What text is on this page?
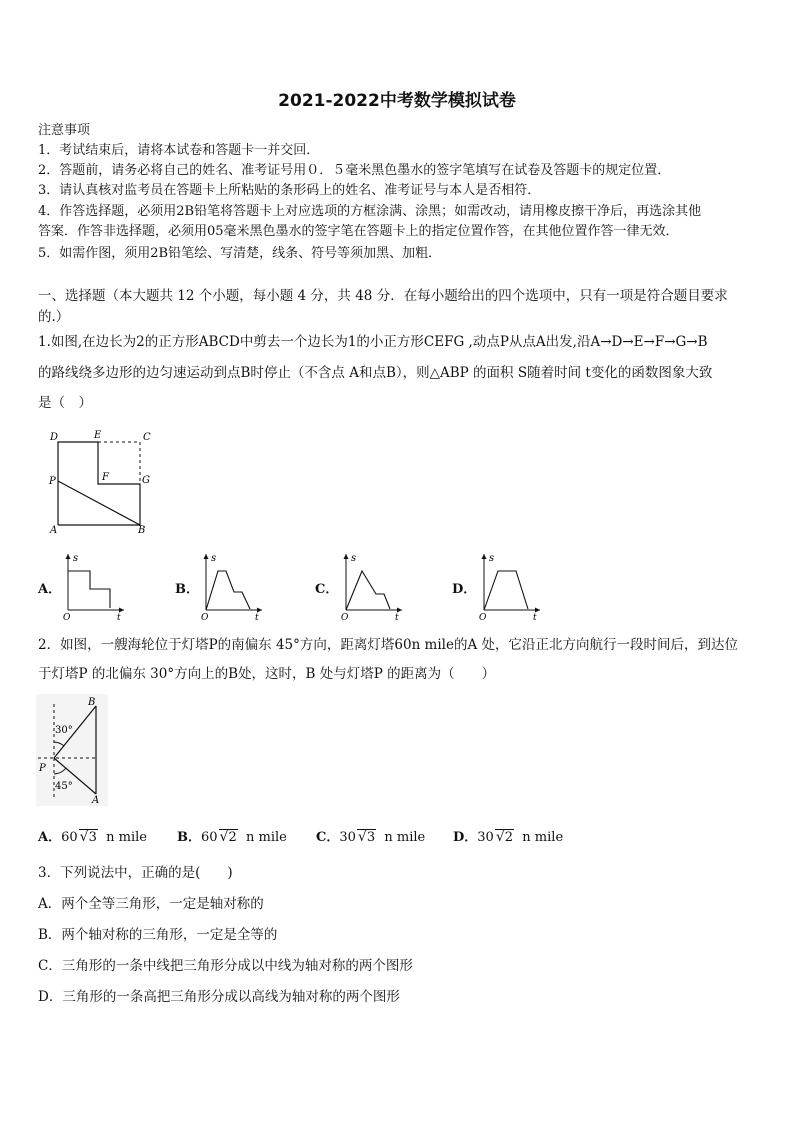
2021-2022中考数学模拟试卷
注意事项
1．考试结束后，请将本试卷和答题卡一并交回．
2．答题前，请务必将自己的姓名、准考证号用０．５毫米黑色墨水的签字笔填写在试卷及答题卡的规定位置．
3．请认真核对监考员在答题卡上所粘贴的条形码上的姓名、准考证号与本人是否相符．
4．作答选择题，必须用2B铅笔将答题卡上对应选项的方框涂满、涂黑；如需改动，请用橡皮擦干净后，再选涂其他
答案．作答非选择题，必须用05毫米黑色墨水的签字笔在答题卡上的指定位置作答，在其他位置作答一律无效．
5．如需作图，须用2B铅笔绘、写清楚，线条、符号等须加黑、加粗．
一、选择题（本大题共 12 个小题，每小题 4 分，共 48 分．在每小题给出的四个选项中，只有一项是符合题目要求
的.）
1.如图,在边长为2的正方形ABCD中剪去一个边长为1的小正方形CEFG ,动点P从点A出发,沿A→D→E→F→G→B
的路线绕多边形的边匀速运动到点B时停止（不含点 A和点B），则△ABP 的面积 S随着时间 t变化的函数图象大致
是（　）
D	E	C
P	F	G
A	B
A．
s
O	t
B．
s
O	t
C．
s
O	t
D．
s
O	t
2．如图，一艘海轮位于灯塔P的南偏东 45°方向，距离灯塔60n mile的A 处，它沿正北方向航行一段时间后，到达位
于灯塔P 的北偏东 30°方向上的B处，这时，B 处与灯塔P 的距离为（　　）
B
P
A
30°
45°
A．60 √3 n mile B．60 √2 n mile C．30 √3 n mile D．30 √2 n mile
3．下列说法中，正确的是(　　)
A．两个全等三角形，一定是轴对称的
B．两个轴对称的三角形，一定是全等的
C．三角形的一条中线把三角形分成以中线为轴对称的两个图形
D．三角形的一条高把三角形分成以高线为轴对称的两个图形
